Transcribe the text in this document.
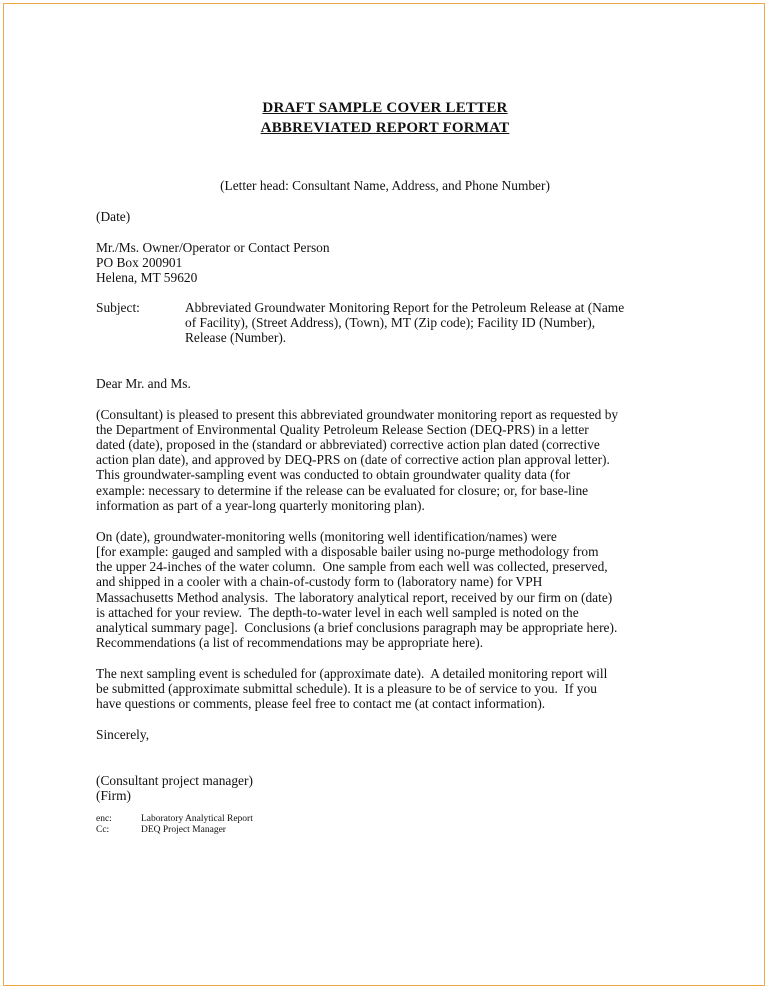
DRAFT SAMPLE COVER LETTER
ABBREVIATED REPORT FORMAT
(Letter head: Consultant Name, Address, and Phone Number)
(Date)
Mr./Ms. Owner/Operator or Contact Person
PO Box 200901
Helena, MT 59620
Subject:	Abbreviated Groundwater Monitoring Report for the Petroleum Release at (Name
of Facility), (Street Address), (Town), MT (Zip code); Facility ID (Number),
Release (Number).
Dear Mr. and Ms.
(Consultant) is pleased to present this abbreviated groundwater monitoring report as requested by
the Department of Environmental Quality Petroleum Release Section (DEQ-PRS) in a letter
dated (date), proposed in the (standard or abbreviated) corrective action plan dated (corrective
action plan date), and approved by DEQ-PRS on (date of corrective action plan approval letter).
This groundwater-sampling event was conducted to obtain groundwater quality data (for
example: necessary to determine if the release can be evaluated for closure; or, for base-line
information as part of a year-long quarterly monitoring plan).
On (date), groundwater-monitoring wells (monitoring well identification/names) were
[for example: gauged and sampled with a disposable bailer using no-purge methodology from
the upper 24-inches of the water column.  One sample from each well was collected, preserved,
and shipped in a cooler with a chain-of-custody form to (laboratory name) for VPH
Massachusetts Method analysis.  The laboratory analytical report, received by our firm on (date)
is attached for your review.  The depth-to-water level in each well sampled is noted on the
analytical summary page].  Conclusions (a brief conclusions paragraph may be appropriate here).
Recommendations (a list of recommendations may be appropriate here).
The next sampling event is scheduled for (approximate date).  A detailed monitoring report will
be submitted (approximate submittal schedule). It is a pleasure to be of service to you.  If you
have questions or comments, please feel free to contact me (at contact information).
Sincerely,
(Consultant project manager)
(Firm)
enc:	Laboratory Analytical Report
Cc:	DEQ Project Manager
